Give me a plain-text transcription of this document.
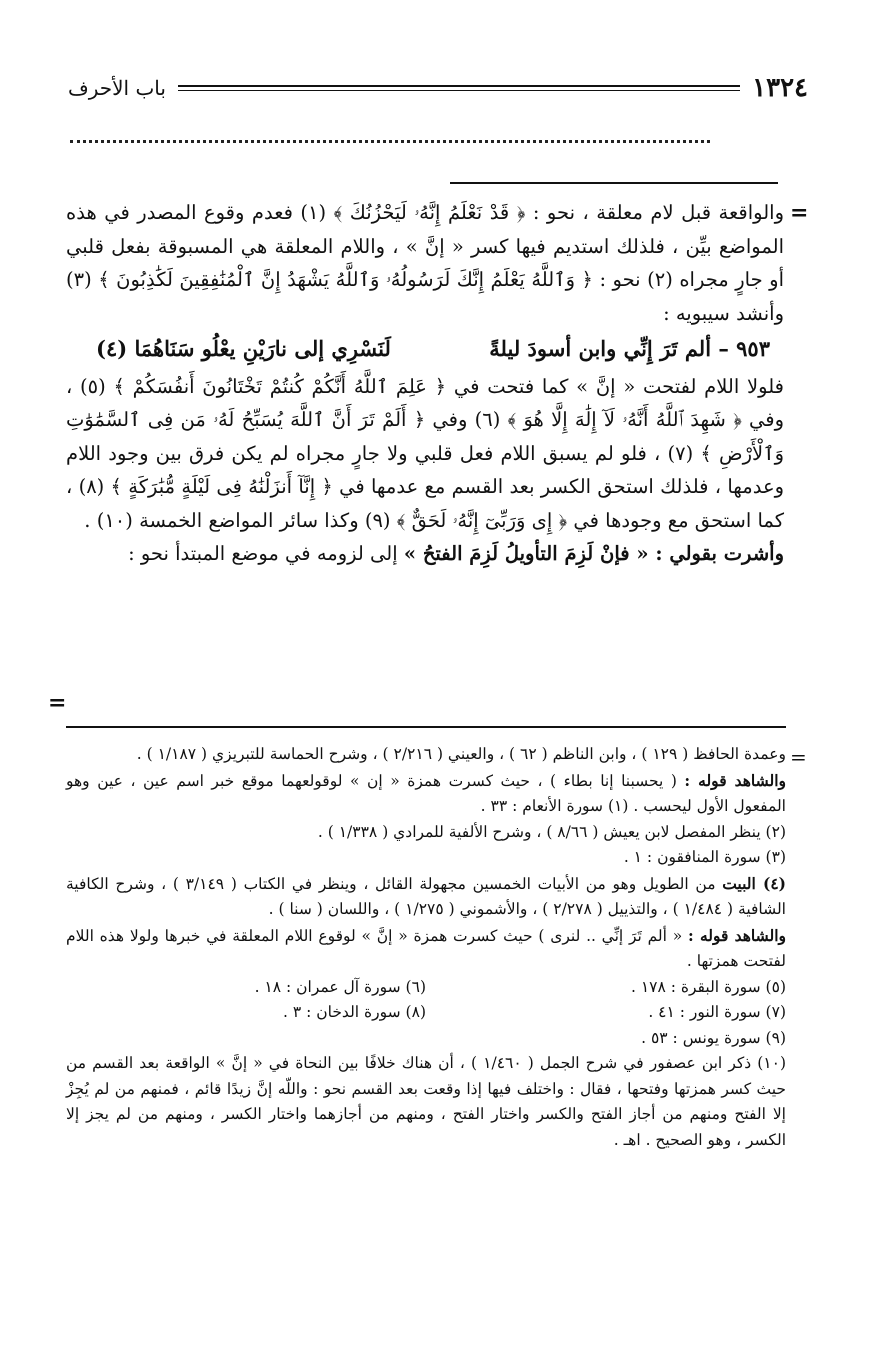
١٣٢٤
باب الأحرف
=

والواقعة قبل لام معلقة ، نحو : ﴿ قَدْ نَعْلَمُ إِنَّهُۥ لَيَحْزُنُكَ ﴾ (١) فعدم وقوع المصدر في هذه المواضع بيِّن ، فلذلك استديم فيها كسر « إنَّ » ، واللام المعلقة هي المسبوقة بفعل قلبي أو جارٍ مجراه (٢) نحو : ﴿ وَٱللَّهُ يَعْلَمُ إِنَّكَ لَرَسُولُهُۥ وَٱللَّهُ يَشْهَدُ إِنَّ ٱلْمُنَٰفِقِينَ لَكَٰذِبُونَ ﴾ (٣) وأنشد سيبويه :

٩٥٣ – ألم تَرَ إِنِّي وابن أسودَ ليلةً
لَنَسْرِي إلى نارَيْنِ يعْلُو سَنَاهُمَا (٤)

فلولا اللام لفتحت « إنَّ » كما فتحت في ﴿ عَلِمَ ٱللَّهُ أَنَّكُمْ كُنتُمْ تَخْتَانُونَ أَنفُسَكُمْ ﴾ (٥) ، وفي ﴿ شَهِدَ ٱللَّهُ أَنَّهُۥ لَآ إِلَٰهَ إِلَّا هُوَ ﴾ (٦) وفي ﴿ أَلَمْ تَرَ أَنَّ ٱللَّهَ يُسَبِّحُ لَهُۥ مَن فِى ٱلسَّمَٰوَٰتِ وَٱلْأَرْضِ ﴾ (٧) ، فلو لم يسبق اللام فعل قلبي ولا جارٍ مجراه لم يكن فرق بين وجود اللام وعدمها ، فلذلك استحق الكسر بعد القسم مع عدمها في ﴿ إِنَّآ أَنزَلْنَٰهُ فِى لَيْلَةٍ مُّبَٰرَكَةٍ ﴾ (٨) ، كما استحق مع وجودها في ﴿ إِى وَرَبِّىٓ إِنَّهُۥ لَحَقٌّ ﴾ (٩) وكذا سائر المواضع الخمسة (١٠) .

وأشرت بقولي : « فإنْ لَزِمَ التأويلُ لَزِمَ الفتحُ » إلى لزومه في موضع المبتدأ نحو :

=
=

وعمدة الحافظ ( ١٢٩ ) ، وابن الناظم ( ٦٢ ) ، والعيني ( ٢/٢١٦ ) ، وشرح الحماسة للتبريزي ( ١/١٨٧ ) .

والشاهد قوله : ( يحسبنا إنا بطاء ) ، حيث كسرت همزة « إن » لوقولعهما موقع خبر اسم عين ، عين وهو المفعول الأول ليحسب . (١) سورة الأنعام : ٣٣ .

(٢) ينظر المفصل لابن يعيش ( ٨/٦٦ ) ، وشرح الألفية للمرادي ( ١/٣٣٨ ) .

(٣) سورة المنافقون : ١ .

(٤) البيت من الطويل وهو من الأبيات الخمسين مجهولة القائل ، وينظر في الكتاب ( ٣/١٤٩ ) ، وشرح الكافية الشافية ( ١/٤٨٤ ) ، والتذييل ( ٢/٢٧٨ ) ، والأشموني ( ١/٢٧٥ ) ، واللسان ( سنا ) .

والشاهد قوله : « ألم تَرَ إنِّي .. لنرى ) حيث كسرت همزة « إنَّ » لوقوع اللام المعلقة في خبرها ولولا هذه اللام لفتحت همزتها .

(٥) سورة البقرة : ١٧٨ .
(٦) سورة آل عمران : ١٨ .
(٧) سورة النور : ٤١ .
(٨) سورة الدخان : ٣ .

(٩) سورة يونس : ٥٣ .

(١٠) ذكر ابن عصفور في شرح الجمل ( ١/٤٦٠ ) ، أن هناك خلافًا بين النحاة في « إنَّ » الواقعة بعد القسم من حيث كسر همزتها وفتحها ، فقال : واختلف فيها إذا وقعت بعد القسم نحو : واللّه إنَّ زيدًا قائم ، فمنهم من لم يُجِزْ إلا الفتح ومنهم من أجاز الفتح والكسر واختار الفتح ، ومنهم من أجازهما واختار الكسر ، ومنهم من لم يجز إلا الكسر ، وهو الصحيح . اهـ .
